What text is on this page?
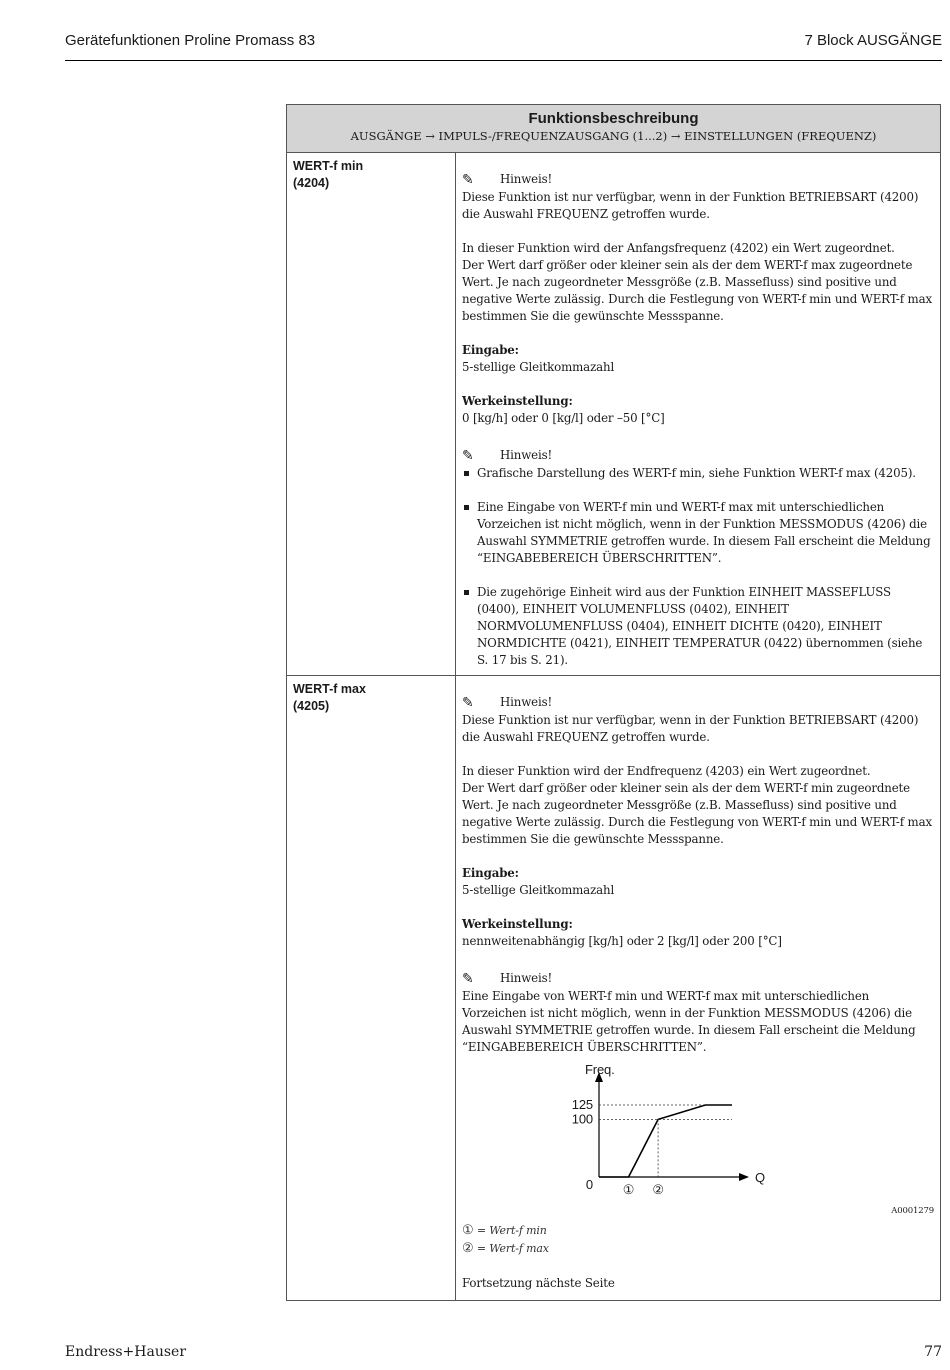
Gerätefunktionen Proline Promass 83	7 Block AUSGÄNGE
Funktionsbeschreibung
AUSGÄNGE → IMPULS-/FREQUENZAUSGANG (1...2) → EINSTELLUNGEN (FREQUENZ)
WERT-f min
(4204)	✎ Hinweis!
Diese Funktion ist nur verfügbar, wenn in der Funktion BETRIEBSART (4200) die Auswahl FREQUENZ getroffen wurde.
In dieser Funktion wird der Anfangsfrequenz (4202) ein Wert zugeordnet.
Der Wert darf größer oder kleiner sein als der dem WERT-f max zugeordnete Wert. Je nach zugeordneter Messgröße (z.B. Massefluss) sind positive und negative Werte zulässig. Durch die Festlegung von WERT-f min und WERT-f max bestimmen Sie die gewünschte Messspanne.
Eingabe:
5-stellige Gleitkommazahl
Werkeinstellung:
0 [kg/h] oder 0 [kg/l] oder –50 [°C]
✎ Hinweis!
Grafische Darstellung des WERT-f min, siehe Funktion WERT-f max (4205).
Eine Eingabe von WERT-f min und WERT-f max mit unterschiedlichen Vorzeichen ist nicht möglich, wenn in der Funktion MESSMODUS (4206) die Auswahl SYMMETRIE getroffen wurde. In diesem Fall erscheint die Meldung “EINGABEBEREICH ÜBERSCHRITTEN”.
Die zugehörige Einheit wird aus der Funktion EINHEIT MASSEFLUSS (0400), EINHEIT VOLUMENFLUSS (0402), EINHEIT NORMVOLUMENFLUSS (0404), EINHEIT DICHTE (0420), EINHEIT NORMDICHTE (0421), EINHEIT TEMPERATUR (0422) übernommen (siehe S. 17 bis S. 21).
WERT-f max
(4205)	✎ Hinweis!
Diese Funktion ist nur verfügbar, wenn in der Funktion BETRIEBSART (4200) die Auswahl FREQUENZ getroffen wurde.
In dieser Funktion wird der Endfrequenz (4203) ein Wert zugeordnet.
Der Wert darf größer oder kleiner sein als der dem WERT-f min zugeordnete Wert. Je nach zugeordneter Messgröße (z.B. Massefluss) sind positive und negative Werte zulässig. Durch die Festlegung von WERT-f min und WERT-f max bestimmen Sie die gewünschte Messspanne.
Eingabe:
5-stellige Gleitkommazahl
Werkeinstellung:
nennweitenabhängig [kg/h] oder 2 [kg/l] oder 200 [°C]
✎ Hinweis!
Eine Eingabe von WERT-f min und WERT-f max mit unterschiedlichen Vorzeichen ist nicht möglich, wenn in der Funktion MESSMODUS (4206) die Auswahl SYMMETRIE getroffen wurde. In diesem Fall erscheint die Meldung “EINGABEBEREICH ÜBERSCHRITTEN”.
Freq.
Q
0
100
125
① ②
A0001279
① = Wert-f min
② = Wert-f max
Fortsetzung nächste Seite
Endress+Hauser	77
